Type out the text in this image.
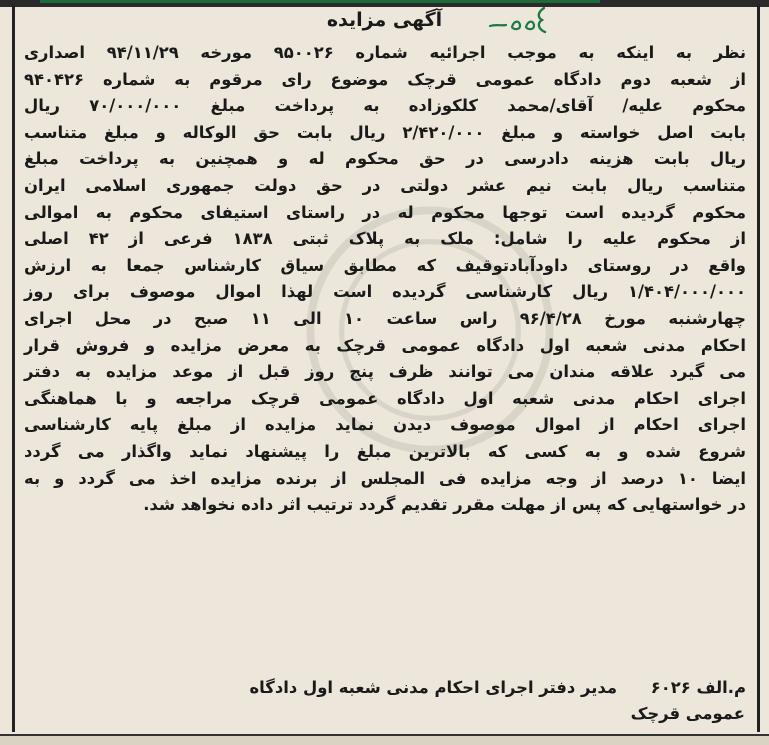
آگهی مزایده
نظر به اینکه به موجب اجرائیه شماره ۹۵۰۰۲۶ مورخه ۹۴/۱۱/۲۹ اصداری
از شعبه دوم دادگاه عمومی قرچک موضوع رای مرقوم به شماره ۹۴۰۴۲۶
محکوم علیه/ آقای/محمد کلکوزاده به پرداخت مبلغ ۷۰/۰۰۰/۰۰۰ ریال
بابت اصل خواسته و مبلغ ۲/۴۲۰/۰۰۰ ریال بابت حق الوکاله و مبلغ متناسب
ریال بابت هزینه دادرسی در حق محکوم له و همچنین به پرداخت مبلغ
متناسب ریال بابت نیم عشر دولتی در حق دولت جمهوری اسلامی ایران
محکوم گردیده است توجها محکوم له در راستای استیفای محکوم به اموالی
از محکوم علیه را شامل: ملک به پلاک ثبتی ۱۸۳۸ فرعی از ۴۲ اصلی
واقع در روستای داودآبادتوقیف که مطابق سیاق کارشناس جمعا به ارزش
۱/۴۰۴/۰۰۰/۰۰۰ ریال کارشناسی گردیده است لهذا اموال موصوف برای روز
چهارشنبه مورخ ۹۶/۴/۲۸ راس ساعت ۱۰ الی ۱۱ صبح در محل اجرای
احکام مدنی شعبه اول دادگاه عمومی قرچک به معرض مزایده و فروش قرار
می گیرد علاقه مندان می توانند ظرف پنج روز قبل از موعد مزایده به دفتر
اجرای احکام مدنی شعبه اول دادگاه عمومی قرچک مراجعه و با هماهنگی
اجرای احکام از اموال موصوف دیدن نماید مزایده از مبلغ پایه کارشناسی
شروع شده و به کسی که بالاترین مبلغ را پیشنهاد نماید واگذار می گردد
ایضا ۱۰ درصد از وجه مزایده فی المجلس از برنده مزایده اخذ می گردد و به
در خواستهایی که پس از مهلت مقرر تقدیم گردد ترتیب اثر داده نخواهد شد.
م.الف ۶۰۲۶ مدیر دفتر اجرای احکام مدنی شعبه اول دادگاه
عمومی قرچک
